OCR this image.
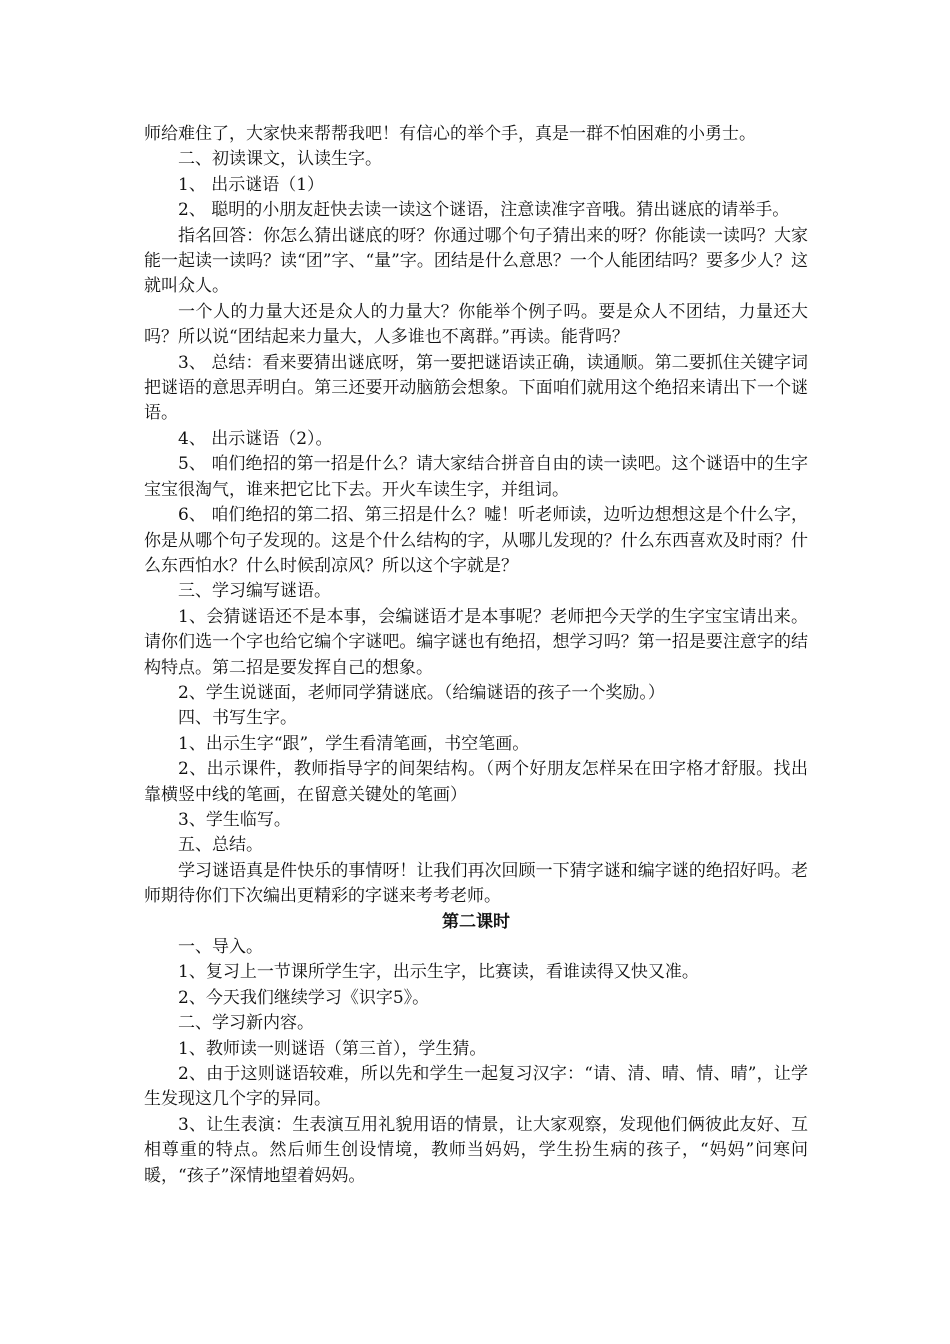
师给难住了，大家快来帮帮我吧！有信心的举个手，真是一群不怕困难的小勇士。

二、初读课文，认读生字。

1、 出示谜语（1）

2、 聪明的小朋友赶快去读一读这个谜语，注意读准字音哦。猜出谜底的请举手。

指名回答：你怎么猜出谜底的呀？你通过哪个句子猜出来的呀？你能读一读吗？大家能一起读一读吗？读“团”字、“量”字。团结是什么意思？一个人能团结吗？要多少人？这就叫众人。

一个人的力量大还是众人的力量大？你能举个例子吗。要是众人不团结，力量还大吗？所以说“团结起来力量大，人多谁也不离群。”再读。能背吗？

3、 总结：看来要猜出谜底呀，第一要把谜语读正确，读通顺。第二要抓住关键字词把谜语的意思弄明白。第三还要开动脑筋会想象。下面咱们就用这个绝招来请出下一个谜语。

4、 出示谜语（2）。

5、 咱们绝招的第一招是什么？请大家结合拼音自由的读一读吧。这个谜语中的生字宝宝很淘气，谁来把它比下去。开火车读生字，并组词。

6、 咱们绝招的第二招、第三招是什么？嘘！听老师读，边听边想想这是个什么字，你是从哪个句子发现的。这是个什么结构的字，从哪儿发现的？什么东西喜欢及时雨？什么东西怕水？什么时候刮凉风？所以这个字就是？

三、学习编写谜语。

1、会猜谜语还不是本事，会编谜语才是本事呢？老师把今天学的生字宝宝请出来。请你们选一个字也给它编个字谜吧。编字谜也有绝招，想学习吗？第一招是要注意字的结构特点。第二招是要发挥自己的想象。

2、学生说谜面，老师同学猜谜底。（给编谜语的孩子一个奖励。）

四、书写生字。

1、出示生字“跟”，学生看清笔画，书空笔画。

2、出示课件，教师指导字的间架结构。（两个好朋友怎样呆在田字格才舒服。找出靠横竖中线的笔画，在留意关键处的笔画）

3、学生临写。

五、总结。

学习谜语真是件快乐的事情呀！让我们再次回顾一下猜字谜和编字谜的绝招好吗。老师期待你们下次编出更精彩的字谜来考考老师。

第二课时

一、导入。

1、复习上一节课所学生字，出示生字，比赛读，看谁读得又快又准。

2、今天我们继续学习《识字5》。

二、学习新内容。

1、教师读一则谜语（第三首），学生猜。

2、由于这则谜语较难，所以先和学生一起复习汉字：“请、清、晴、情、晴”，让学生发现这几个字的异同。

3、让生表演：生表演互用礼貌用语的情景，让大家观察，发现他们俩彼此友好、互相尊重的特点。然后师生创设情境，教师当妈妈，学生扮生病的孩子，“妈妈”问寒问暖，“孩子”深情地望着妈妈。
